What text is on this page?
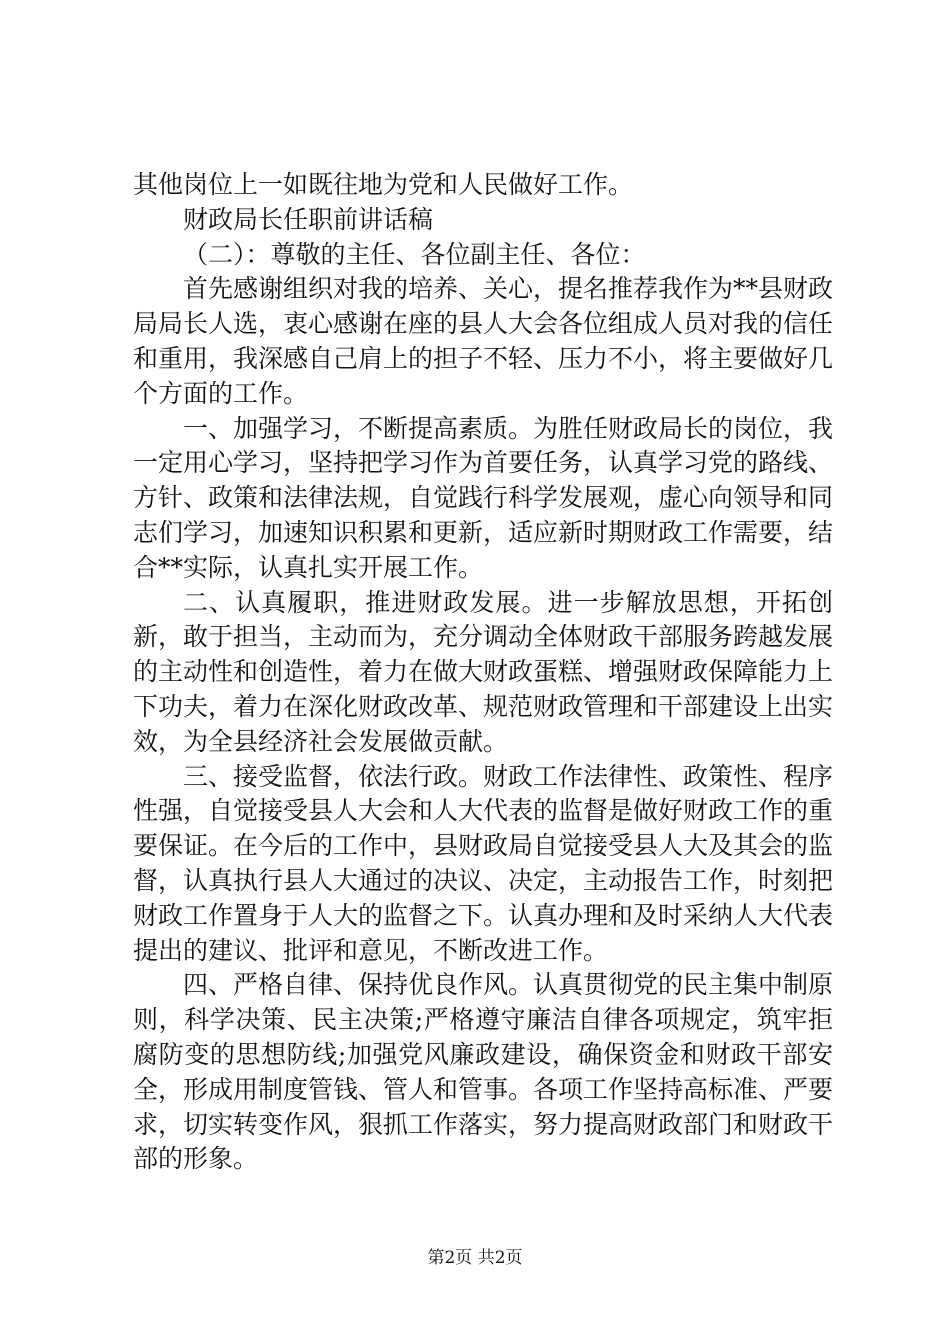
其他岗位上一如既往地为党和人民做好工作。

财政局长任职前讲话稿

（二）：尊敬的主任、各位副主任、各位：

首先感谢组织对我的培养、关心，提名推荐我作为**县财政局局长人选，衷心感谢在座的县人大会各位组成人员对我的信任和重用，我深感自己肩上的担子不轻、压力不小，将主要做好几个方面的工作。

一、加强学习，不断提高素质。为胜任财政局长的岗位，我一定用心学习，坚持把学习作为首要任务，认真学习党的路线、方针、政策和法律法规，自觉践行科学发展观，虚心向领导和同志们学习，加速知识积累和更新，适应新时期财政工作需要，结合**实际，认真扎实开展工作。

二、认真履职，推进财政发展。进一步解放思想，开拓创新，敢于担当，主动而为，充分调动全体财政干部服务跨越发展的主动性和创造性，着力在做大财政蛋糕、增强财政保障能力上下功夫，着力在深化财政改革、规范财政管理和干部建设上出实效，为全县经济社会发展做贡献。

三、接受监督，依法行政。财政工作法律性、政策性、程序性强，自觉接受县人大会和人大代表的监督是做好财政工作的重要保证。在今后的工作中，县财政局自觉接受县人大及其会的监督，认真执行县人大通过的决议、决定，主动报告工作，时刻把财政工作置身于人大的监督之下。认真办理和及时采纳人大代表提出的建议、批评和意见，不断改进工作。

四、严格自律、保持优良作风。认真贯彻党的民主集中制原则，科学决策、民主决策;严格遵守廉洁自律各项规定，筑牢拒腐防变的思想防线;加强党风廉政建设，确保资金和财政干部安全，形成用制度管钱、管人和管事。各项工作坚持高标准、严要求，切实转变作风，狠抓工作落实，努力提高财政部门和财政干部的形象。

第2页 共2页
